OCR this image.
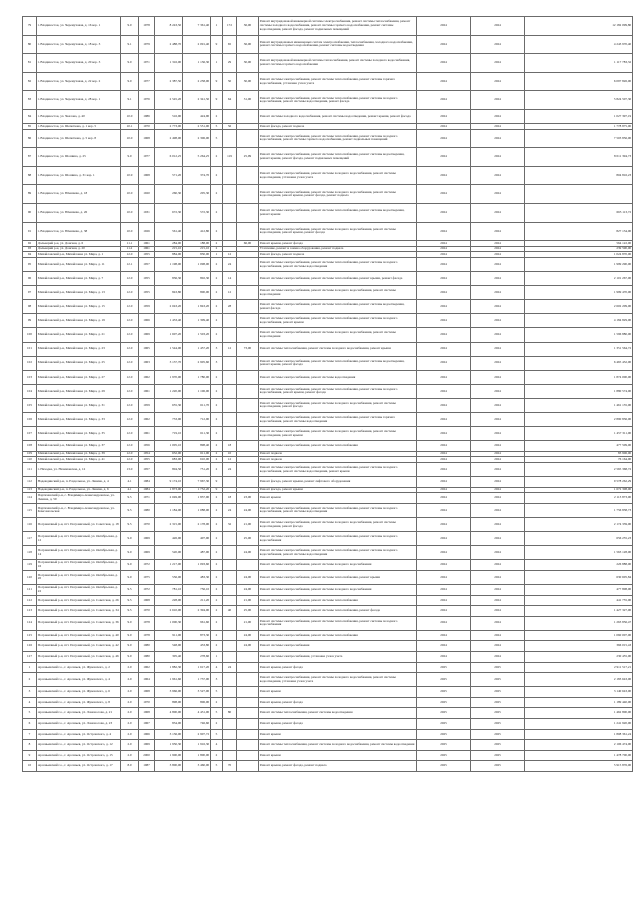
79	г. Владивосток, ул. Черемуховая, д. 16 кор. 1	9.0	1978	8 243,50	7 361,40	1	172	36,00	Ремонт внутридомовой инженерной системы электроснабжения, ремонт системы теплоснабжения, ремонт системы холодного водоснабжения, ремонт системы горячего водоснабжения, ремонт системы водоотведения, ремонт фасада, ремонт подвальных помещений	2024	2024	12 182 099,80
80	г. Владивосток, ул. Черемуховая, д. 18 кор. 3	9.1	1979	2 488,70	2 091,40	9	65	36,00	Ремонт внутридомовых инженерных систем электроснабжения, теплоснабжения, холодного водоснабжения, ремонт системы горячего водоснабжения, ремонт системы водоотведения	2024	2024	4 243 970,40
81	г. Владивосток, ул. Черемуховая, д. 20 кор. 3	9.0	1971	1 316,00	1 136,30	1	29	30,00	Ремонт внутридомовой инженерной системы теплоснабжения, ремонт системы холодного водоснабжения, ремонт системы горячего водоснабжения	2024	2024	1 117 783,32
82	г. Владивосток, ул. Черемуховая, д. 22 кор. 2	9.0	1977	2 387,50	2 258,00	9	50	30,00	Ремонт системы электроснабжения, ремонт системы теплоснабжения, ремонт системы горячего водоснабжения, установка узлов учета	2024	2024	6 097 826,00
83	г. Владивосток, ул. Черемуховая, д. 28 кор. 1	9.1	1976	2 545,20	2 341,50	9	64	31,00	Ремонт системы электроснабжения, ремонт системы теплоснабжения, ремонт системы холодного водоснабжения, ремонт системы водоотведения, ремонт фасада	2024	2024	5 824 507,30
84	г. Владивосток, ул. Чкалова, д. 40	10.0	1986	516,90	424,90	2			Ремонт системы холодного водоснабжения, ремонт системы водоотведения, ремонт крыши, ремонт фасада	2024	2024	1 027 397,19
85	г. Владивосток, ул. Шепеткова, д. 1 кор. 5	10.1	1970	2 773,00	2 551,00	5	56		Ремонт фасада, ремонт подвала	2024	2024	1 778 875,00
86	г. Владивосток, ул. Шепеткова, д. 5 кор. 8	10.0	1968	2 498,00	2 306,00	5			Ремонт системы электроснабжения, ремонт системы теплоснабжения, ремонт системы холодного водоснабжения, ремонт системы горячего водоснабжения, ремонт подвальных помещений	2024	2024	7 503 856,00
87	г. Владивосток, ул. Шошина, д. 25	9.0	1977	6 012,25	5 264,25	2	119	25,99	Ремонт системы электроснабжения, ремонт системы теплоснабжения, ремонт системы водоотведения, ремонт крыши, ремонт фасада, ремонт подвальных помещений	2024	2024	8 011 394,73
88	г. Владивосток, ул. Шошина, д. 31 кор. 1	10.9	1968	571,20	374,70	2			Ремонт системы электроснабжения, ремонт системы холодного водоснабжения, ремонт системы водоотведения, установка узлов учета	2024	2024	804 816,23
89	г. Владивосток, ул. Юмашева, д. 18	10.0	1920	260,30	205,30	2			Ремонт системы электроснабжения, ремонт системы холодного водоснабжения, ремонт системы водоотведения, ремонт крыши, ремонт фасада, ремонт подвала	2024	2024	
90	г. Владивосток, ул. Юмашева, д. 26	10.0	1931	672,30	572,30	2			Ремонт системы электроснабжения, ремонт системы теплоснабжения, ремонт системы водоотведения, ремонт крыши	2024	2024	665 113,72
91	г. Владивосток, ул. Юмашева, д. 38	10.0	1926	561,40	412,80	2			Ремонт системы электроснабжения, ремонт системы холодного водоснабжения, ремонт системы водоотведения, ремонт крыши, ремонт фасада	2024	2024	827 134,00
92	Дальнерий р-н, ул. Донская, д. 6	11.1	1961	284,00	188,00	2		66,00	Ремонт крыши, ремонт фасада	2024	2024	564 122,00
93	Дальнерий р-н, ул. Донская, д. 20	11.2	1961	215,10	215,10	2			Утепление, ремонт и замена оборудования, ремонт подвала	2024	2024	239 590,00
94	Михайловский р-н, Михайловка ул. Мира, д. 1	12.0	1955	884,00	830,00	1	12		Ремонт фасада, ремонт подвала	2024	2024	1 024 870,00
95	Михайловский р-н, Михайловка ул. Мира, д. 11	12.1	1957	1 198,00	1 098,00	2	24		Ремонт системы электроснабжения, ремонт системы теплоснабжения, ремонт системы холодного водоснабжения, ремонт системы водоотведения	2024	2024	1 999 290,00
96	Михайловский р-н, Михайловка ул. Мира, д. 7	12.0	1955	836,30	802,30	2	14		Ремонт системы электроснабжения, ремонт системы теплоснабжения, ремонт крыши, ремонт фасада	2024	2024	2 101 267,00
97	Михайловский р-н, Михайловка ул. Мира, д. 13	12.0	1955	843,80	800,00	2	12		Ремонт системы электроснабжения, ремонт системы холодного водоснабжения, ремонт системы водоотведения	2024	2024	1 999 470,00
98	Михайловский р-н, Михайловка ул. Мира, д. 15	12.0	1959	2 043,20	1 843,20	2	28		Ремонт системы электроснабжения, ремонт системы теплоснабжения, ремонт системы водоотведения, ремонт фасада	2024	2024	2 602 209,00
99	Михайловский р-н, Михайловка ул. Мира, д. 19	12.0	1966	1 433,40	1 309,40	2			Ремонт системы электроснабжения, ремонт системы теплоснабжения, ремонт системы холодного водоснабжения, ремонт крыши	2024	2024	4 184 829,00
100	Михайловский р-н, Михайловка ул. Мира, д. 21	12.0	1969	1 607,20	1 503,20	2			Ремонт системы электроснабжения, ремонт системы холодного водоснабжения, ремонт системы водоотведения	2024	2024	1 596 880,00
101	Михайловский р-н, Михайловка ул. Мира, д. 23	12.0	1965	1 544,00	1 457,20	3	12	73,00	Ремонт системы теплоснабжения, ремонт системы холодного водоснабжения, ремонт крыши	2024	2024	1 351 564,72
102	Михайловский р-н, Михайловка ул. Мира, д. 25	12.0	1963	3 137,70	2 905,60	3			Ремонт системы электроснабжения, ремонт системы теплоснабжения, ремонт системы водоотведения, ремонт крыши, ремонт фасада	2024	2024	6 465 432,00
103	Михайловский р-н, Михайловка ул. Мира, д. 27	12.0	1962	1 970,00	1 780,00	2			Ремонт системы электроснабжения, ремонт системы водоотведения	2024	2024	1 874 000,00
104	Михайловский р-н, Михайловка ул. Мира, д. 29	12.0	1961	1 220,00	1 106,00	2			Ремонт системы электроснабжения, ремонт системы теплоснабжения, ремонт системы холодного водоснабжения, ремонт крыши, ремонт фасада	2024	2024	1 880 574,00
105	Михайловский р-н, Михайловка ул. Мира, д. 31	12.0	1959	655,30	611,70	2			Ремонт системы электроснабжения, ремонт системы холодного водоснабжения, ремонт системы водоотведения, ремонт фасада	2024	2024	1 461 135,00
106	Михайловский р-н, Михайловка ул. Мира, д. 33	12.0	1962	733,90	712,90	2			Ремонт системы электроснабжения, ремонт системы теплоснабжения, ремонт системы горячего водоснабжения, ремонт системы водоотведения	2024	2024	2 890 836,00
107	Михайловский р-н, Михайловка ул. Мира, д. 35	12.0	1961	719,10	611,30	2			Ремонт системы электроснабжения, ремонт системы холодного водоснабжения, ремонт системы водоотведения, ремонт крыши	2024	2024	1 457 311,00
108	Михайловский р-н, Михайловка ул. Мира, д. 37	12.0	1956	1 005,10	898,40	2	18		Ремонт системы электроснабжения, ремонт системы теплоснабжения	2024	2024	477 509,00
109	Михайловский р-н, Михайловка ул. Мира, д. 39	12.0	1954	632,00	611,00	2	10		Ремонт подвала	2024	2024	83 906,00
110	Михайловский р-н, Михайловка ул. Мира, д. 41	12.0	1955	683,00	610,00	2	12		Ремонт подвала	2024	2024	76 164,00
111	г. Находка, ул. Нахимовская, д. 12	13.0	1957	804,50	751,20	2	24		Ремонт системы электроснабжения, ремонт системы теплоснабжения, ремонт системы холодного водоснабжения, ремонт системы водоотведения, ремонт крыши	2024	2024	2 565 368,72
112	Надеждинский р-н, п. Раздольное, ул. Ленина, д. 4	4.1	1984	9 174,10	7 967,30	9			Ремонт фасада, ремонт крыши, ремонт лифтового оборудования	2024	2024	9 578 262,29
113	Надеждинский р-н, п. Раздольное, ул. Ленина, д. 6	4.1	1984	1 873,00	1 752,20	9			Ремонт фасада, ремонт крыши	2024	2024	1 672 308,00
114	Партизанский р-н, с. Владимиро-Александровское, ул. Ленина, д. 50	9.5	1971	2 049,00	1 837,90	2	18	23,00	Ремонт крыши	2024	2024	2 113 873,00
115	Партизанский р-н, с. Владимиро-Александровское, ул. Комсомольская	9.5	1980	1 184,00	1 088,00	2	24	24,00	Ремонт системы электроснабжения, ремонт системы теплоснабжения, ремонт системы холодного водоснабжения, ремонт системы водоотведения	2024	2024	1 756 838,73
116	Пограничный р-н, пгт. Пограничный, ул. Советская, д. 18	9.5	1970	2 315,00	2 178,00	2	32	21,00	Ремонт системы электроснабжения, ремонт системы холодного водоснабжения, ремонт системы водоотведения, ремонт фасада	2024	2024	2 174 339,00
117	Пограничный р-н, пгт. Пограничный, ул. Октябрьская, д. 12	9.0	1969	426,90	407,90	2		25,00	Ремонт системы электроснабжения, ремонт системы теплоснабжения, ремонт системы холодного водоснабжения	2024	2024	656 255,23
118	Пограничный р-н, пгт. Пограничный, ул. Октябрьская, д. 14	9.0	1969	520,00	487,90	2		24,00	Ремонт системы электроснабжения, ремонт системы теплоснабжения, ремонт системы холодного водоснабжения, ремонт системы водоотведения	2024	2024	1 563 128,00
119	Пограничный р-н, пгт. Пограничный, ул. Октябрьская, д. 16	9.0	1972	1 217,00	1 093,60	2			Ремонт системы электроснабжения, ремонт системы холодного водоснабжения	2024	2024	226 888,00
120	Пограничный р-н, пгт. Пограничный, ул. Октябрьская, д. 20	9.0	1975	556,00	483,30	2		24,00	Ремонт системы электроснабжения, ремонт системы теплоснабжения, ремонт крыши	2024	2024	630 605,84
121	Пограничный р-н, пгт. Пограничный, ул. Октябрьская, д. 22	9.5	1972	781,10	756,10	2		24,00	Ремонт системы электроснабжения, ремонт системы холодного водоснабжения	2024	2024	477 808,00
122	Пограничный р-н, пгт. Пограничный, ул. Советская, д. 26	9.5	1968	228,00	211,20	2		21,00	Ремонт системы электроснабжения, ремонт системы теплоснабжения	2024	2024	441 755,00
123	Пограничный р-н, пгт. Пограничный, ул. Советская, д. 34	9.5	1970	2 610,00	2 394,00	2	40	25,00	Ремонт системы электроснабжения, ремонт системы теплоснабжения, ремонт фасада	2024	2024	1 427 327,00
124	Пограничный р-н, пгт. Пограничный, ул. Советская, д. 36	9.0	1978	1 000,30	961,60	2		21,00	Ремонт системы электроснабжения, ремонт системы теплоснабжения, ремонт системы холодного водоснабжения	2024	2024	1 263 856,47
125	Пограничный р-н, пгт. Пограничный, ул. Советская, д. 40	9.0	1978	911,00	873,30	2		24,00	Ремонт системы электроснабжения, ремонт системы теплоснабжения	2024	2024	1 060 007,00
126	Пограничный р-н, пгт. Пограничный, ул. Советская, д. 42	9.0	1980	548,90	433,80	2		24,00	Ремонт системы электроснабжения	2024	2024	366 015,43
127	Пограничный р-н, пгт. Пограничный, ул. Советская, д. 46	9.0	1980	305,40	278,60	1			Ремонт системы электроснабжения, установка узлов учета	2024	2024	230 455,00
1	Арсеньевский г.о., г. Арсеньев, ул. Жуковского, д. 2	2.0	1962	1 882,30	1 617,20	4	24		Ремонт крыши, ремонт фасада	2025	2025	2 911 517,21
2	Арсеньевский г.о., г. Арсеньев, ул. Жуковского, д. 4	2.0	1964	1 961,60	1 737,00	3			Ремонт системы электроснабжения, ремонт системы холодного водоснабжения, ремонт системы водоотведения, установка узлов учета	2025	2025	2 183 643,00
3	Арсеньевский г.о., г. Арсеньев, ул. Жуковского, д. 6	2.0	1968	3 966,00	3 527,00	5			Ремонт крыши	2025	2025	3 140 643,00
4	Арсеньевский г.о., г. Арсеньев, ул. Жуковского, д. 8	2.0	1970	898,00	806,00	2			Ремонт крыши, ремонт фасада	2025	2025	1 189 440,00
5	Арсеньевский г.о., г. Арсеньев, ул. Ломоносова, д. 21	2.0	1968	4 800,00	4 431,00	5	80		Ремонт системы теплоснабжения, ремонт системы водоотведения	2025	2025	1 462 800,00
6	Арсеньевский г.о., г. Арсеньев, ул. Ломоносова, д. 23	2.0	1967	834,00	746,60	2			Ремонт крыши, ремонт фасада	2025	2025	1 241 920,00
7	Арсеньевский г.о., г. Арсеньев, ул. Островского, д. 4	2.0	1966	3 136,00	2 907,72	5			Ремонт крыши	2025	2025	1 808 361,24
8	Арсеньевский г.о., г. Арсеньев, ул. Островского, д. 12	2.0	1969	1 950,30	1 916,30	4			Ремонт системы теплоснабжения, ремонт системы холодного водоснабжения, ремонт системы водоотведения	2025	2025	2 106 474,00
9	Арсеньевский г.о., г. Арсеньев, ул. Островского, д. 15	2.0	2000	1 900,00	1 800,00	2			Ремонт крыши	2025	2025	1 478 700,00
10	Арсеньевский г.о., г. Арсеньев, ул. Островского, д. 17	8.0	1987	3 800,00	3 460,00	5	70		Ремонт крыши, ремонт фасада, ремонт подвала	2025	2025	5 915 876,00
